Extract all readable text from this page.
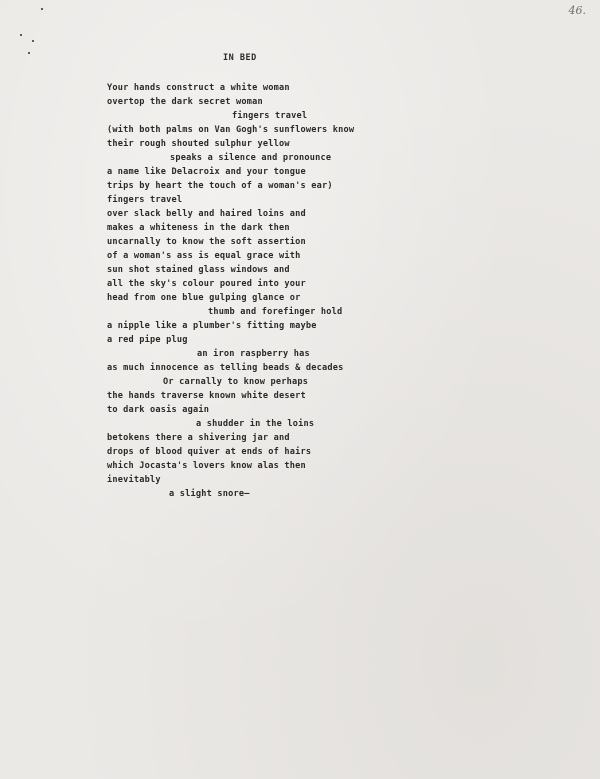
46.
IN BED
Your hands construct a white woman
overtop the dark secret woman
fingers travel
(with both palms on Van Gogh's sunflowers know
their rough shouted sulphur yellow
speaks a silence and pronounce
a name like Delacroix and your tongue
trips by heart the touch of a woman's ear)
fingers travel
over slack belly and haired loins and
makes a whiteness in the dark then
uncarnally to know the soft assertion
of a woman's ass is equal grace with
sun shot stained glass windows and
all the sky's colour poured into your
head from one blue gulping glance or
thumb and forefinger hold
a nipple like a plumber's fitting maybe
a red pipe plug
an iron raspberry has
as much innocence as telling beads & decades
Or carnally to know perhaps
the hands traverse known white desert
to dark oasis again
a shudder in the loins
betokens there a shivering jar and
drops of blood quiver at ends of hairs
which Jocasta's lovers know alas then
inevitably
a slight snore—
